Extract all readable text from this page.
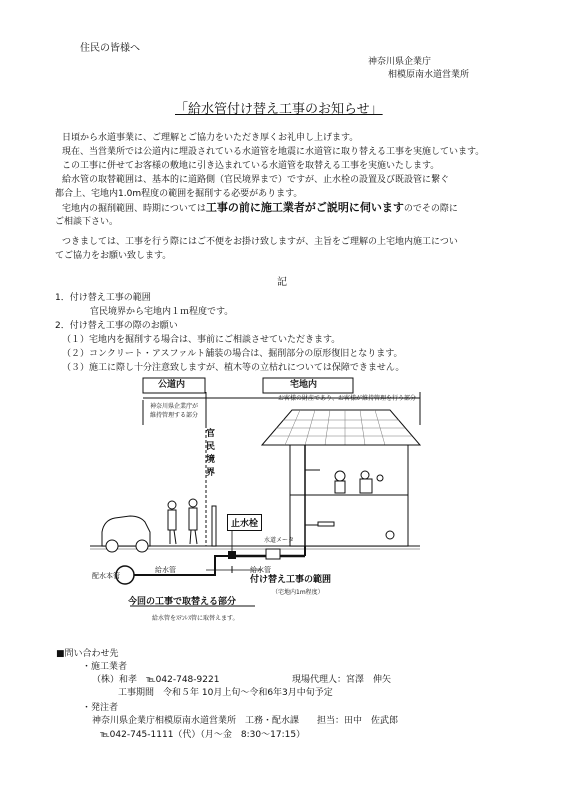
住民の皆様へ
神奈川県企業庁
相模原南水道営業所
「給水管付け替え工事のお知らせ」
日頃から水道事業に、ご理解とご協力をいただき厚くお礼申し上げます。
現在、当営業所では公道内に埋設されている水道管を地震に水道管に取り替える工事を実施しています。
この工事に併せてお客様の敷地に引き込まれている水道管を取替える工事を実施いたします。
給水管の取替範囲は、基本的に道路側（官民境界まで）ですが、止水栓の設置及び既設管に繋ぐ
都合上、宅地内1.0m程度の範囲を掘削する必要があります。
宅地内の掘削範囲、時期については工事の前に施工業者がご説明に伺いますのでその際に
ご相談下さい。
つきましては、工事を行う際にはご不便をお掛け致しますが、主旨をご理解の上宅地内施工につい
てご協力をお願い致します。
記
1．付け替え工事の範囲
官民境界から宅地内１ｍ程度です。
2．付け替え工事の際のお願い
（１）宅地内を掘削する場合は、事前にご相談させていただきます。
（２）コンクリート・アスファルト舗装の場合は、掘削部分の原形復旧となります。
（３）施工に際し十分注意致しますが、植木等の立枯れについては保障できません。
公道内	宅地内
神奈川県企業庁が
維持管理する部分
お客様の財産であり、お客様が維持管理を行う部分
官
民
境
界
止水栓
水道メータ
配水本管
給水管	給水管
付け替え工事の範囲
（宅地内1m程度）
今回の工事で取替える部分
給水管をｽﾃﾝﾚｽ管に取替えます。
■問い合わせ先
・施工業者
（株）和孝　℡042-748-9221	現場代理人：宮澤　伸矢
工事期間　令和５年 10月上旬～令和6年3月中旬予定
・発注者
神奈川県企業庁相模原南水道営業所　工務・配水課　　担当：田中　佐武郎
℡042-745-1111（代）（月～金　8:30～17:15）
